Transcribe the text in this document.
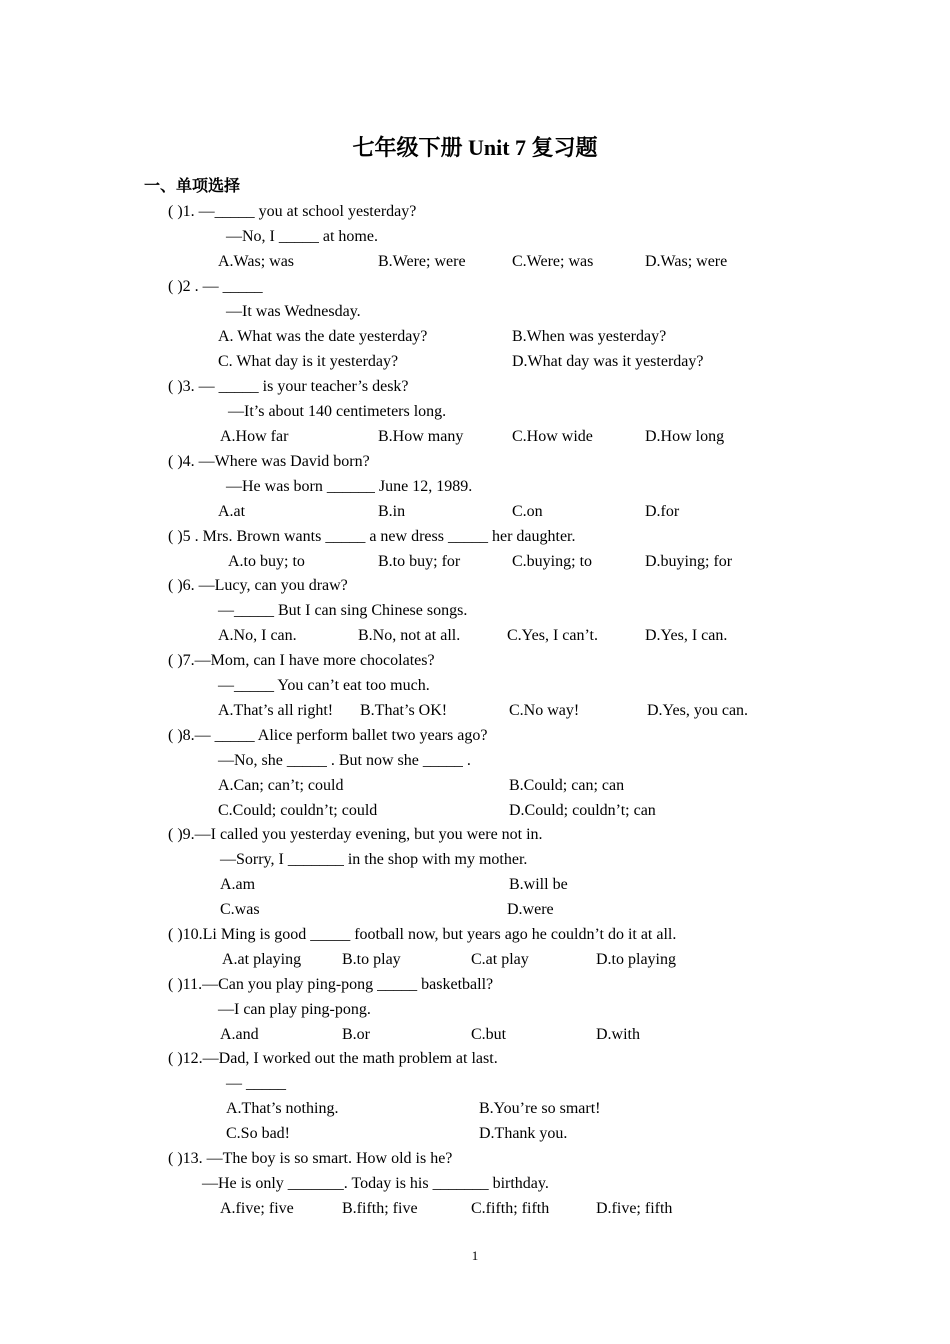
七年级下册 Unit 7 复习题
一、单项选择
( )1. —_____ you at school yesterday?
—No, I _____ at home.
A.Was; was	B.Were; were	C.Were; was	D.Was; were
( )2 . — _____
—It was Wednesday.
A. What was the date yesterday?	B.When was yesterday?
C. What day is it yesterday?	D.What day was it yesterday?
( )3. — _____ is your teacher’s desk?
—It’s about 140 centimeters long.
A.How far	B.How many	C.How wide	D.How long
( )4. —Where was David born?
—He was born ______ June 12, 1989.
A.at	B.in	C.on	D.for
( )5 . Mrs. Brown wants _____ a new dress _____ her daughter.
A.to buy; to	B.to buy; for	C.buying; to	D.buying; for
( )6. —Lucy, can you draw?
—_____ But I can sing Chinese songs.
A.No, I can.	B.No, not at all.	C.Yes, I can’t.	D.Yes, I can.
( )7.—Mom, can I have more chocolates?
—_____ You can’t eat too much.
A.That’s all right! B.That’s OK!	C.No way!	D.Yes, you can.
( )8.— _____ Alice perform ballet two years ago?
—No, she _____ . But now she _____ .
A.Can; can’t; could	B.Could; can; can
C.Could; couldn’t; could	D.Could; couldn’t; can
( )9.—I called you yesterday evening, but you were not in.
—Sorry, I _______ in the shop with my mother.
A.am	B.will be
C.was	D.were
( )10.Li Ming is good _____ football now, but years ago he couldn’t do it at all.
A.at playing	B.to play	C.at play	D.to playing
( )11.—Can you play ping-pong _____ basketball?
—I can play ping-pong.
A.and	B.or	C.but	D.with
( )12.—Dad, I worked out the math problem at last.
— _____
A.That’s nothing.	B.You’re so smart!
C.So bad!	D.Thank you.
( )13. —The boy is so smart. How old is he?
—He is only _______. Today is his _______ birthday.
A.five; five	B.fifth; five	C.fifth; fifth	D.five; fifth
1
